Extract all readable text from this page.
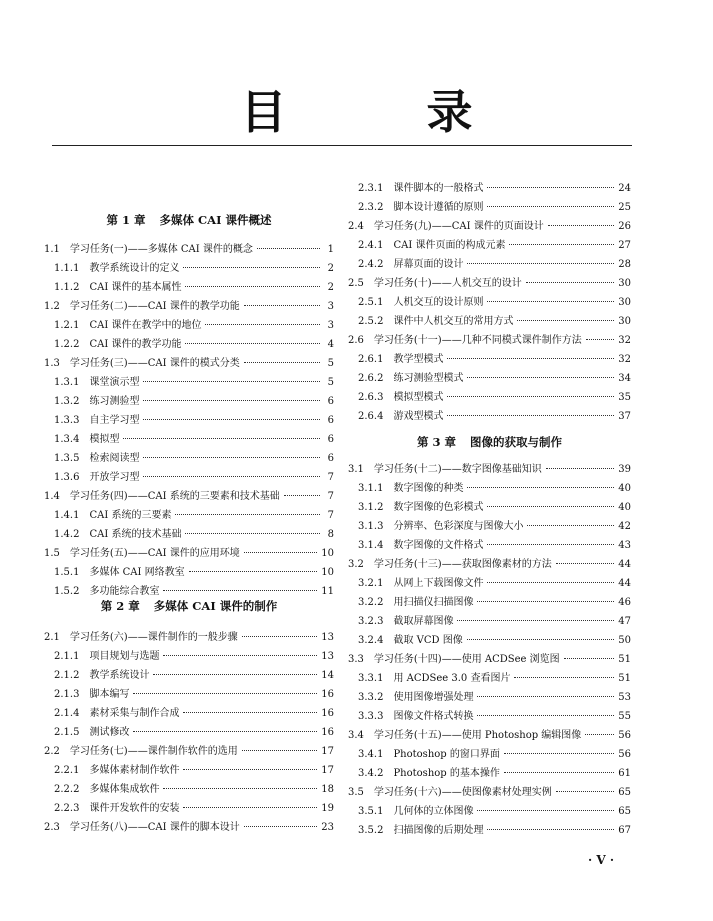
目 录
第 1 章 多媒体 CAI 课件概述
第 2 章 多媒体 CAI 课件的制作
1.1 学习任务(一)——多媒体 CAI 课件的概念	1
1.1.1 教学系统设计的定义	2
1.1.2 CAI 课件的基本属性	2
1.2 学习任务(二)——CAI 课件的教学功能	3
1.2.1 CAI 课件在教学中的地位	3
1.2.2 CAI 课件的教学功能	4
1.3 学习任务(三)——CAI 课件的模式分类	5
1.3.1 课堂演示型	5
1.3.2 练习测验型	6
1.3.3 自主学习型	6
1.3.4 模拟型	6
1.3.5 检索阅读型	6
1.3.6 开放学习型	7
1.4 学习任务(四)——CAI 系统的三要素和技术基础	7
1.4.1 CAI 系统的三要素	7
1.4.2 CAI 系统的技术基础	8
1.5 学习任务(五)——CAI 课件的应用环境	10
1.5.1 多媒体 CAI 网络教室	10
1.5.2 多功能综合教室	11
2.1 学习任务(六)——课件制作的一般步骤	13
2.1.1 项目规划与选题	13
2.1.2 教学系统设计	14
2.1.3 脚本编写	16
2.1.4 素材采集与制作合成	16
2.1.5 测试修改	16
2.2 学习任务(七)——课件制作软件的选用	17
2.2.1 多媒体素材制作软件	17
2.2.2 多媒体集成软件	18
2.2.3 课件开发软件的安装	19
2.3 学习任务(八)——CAI 课件的脚本设计	23
第 3 章 图像的获取与制作
2.3.1 课件脚本的一般格式	24
2.3.2 脚本设计遵循的原则	25
2.4 学习任务(九)——CAI 课件的页面设计	26
2.4.1 CAI 课件页面的构成元素	27
2.4.2 屏幕页面的设计	28
2.5 学习任务(十)——人机交互的设计	30
2.5.1 人机交互的设计原则	30
2.5.2 课件中人机交互的常用方式	30
2.6 学习任务(十一)——几种不同模式课件制作方法	32
2.6.1 教学型模式	32
2.6.2 练习测验型模式	34
2.6.3 模拟型模式	35
2.6.4 游戏型模式	37
3.1 学习任务(十二)——数字图像基础知识	39
3.1.1 数字图像的种类	40
3.1.2 数字图像的色彩模式	40
3.1.3 分辨率、色彩深度与图像大小	42
3.1.4 数字图像的文件格式	43
3.2 学习任务(十三)——获取图像素材的方法	44
3.2.1 从网上下载图像文件	44
3.2.2 用扫描仪扫描图像	46
3.2.3 截取屏幕图像	47
3.2.4 截取 VCD 图像	50
3.3 学习任务(十四)——使用 ACDSee 浏览图	51
3.3.1 用 ACDSee 3.0 查看图片	51
3.3.2 使用图像增强处理	53
3.3.3 图像文件格式转换	55
3.4 学习任务(十五)——使用 Photoshop 编辑图像	56
3.4.1 Photoshop 的窗口界面	56
3.4.2 Photoshop 的基本操作	61
3.5 学习任务(十六)——使图像素材处理实例	65
3.5.1 几何体的立体图像	65
3.5.2 扫描图像的后期处理	67
· V ·
